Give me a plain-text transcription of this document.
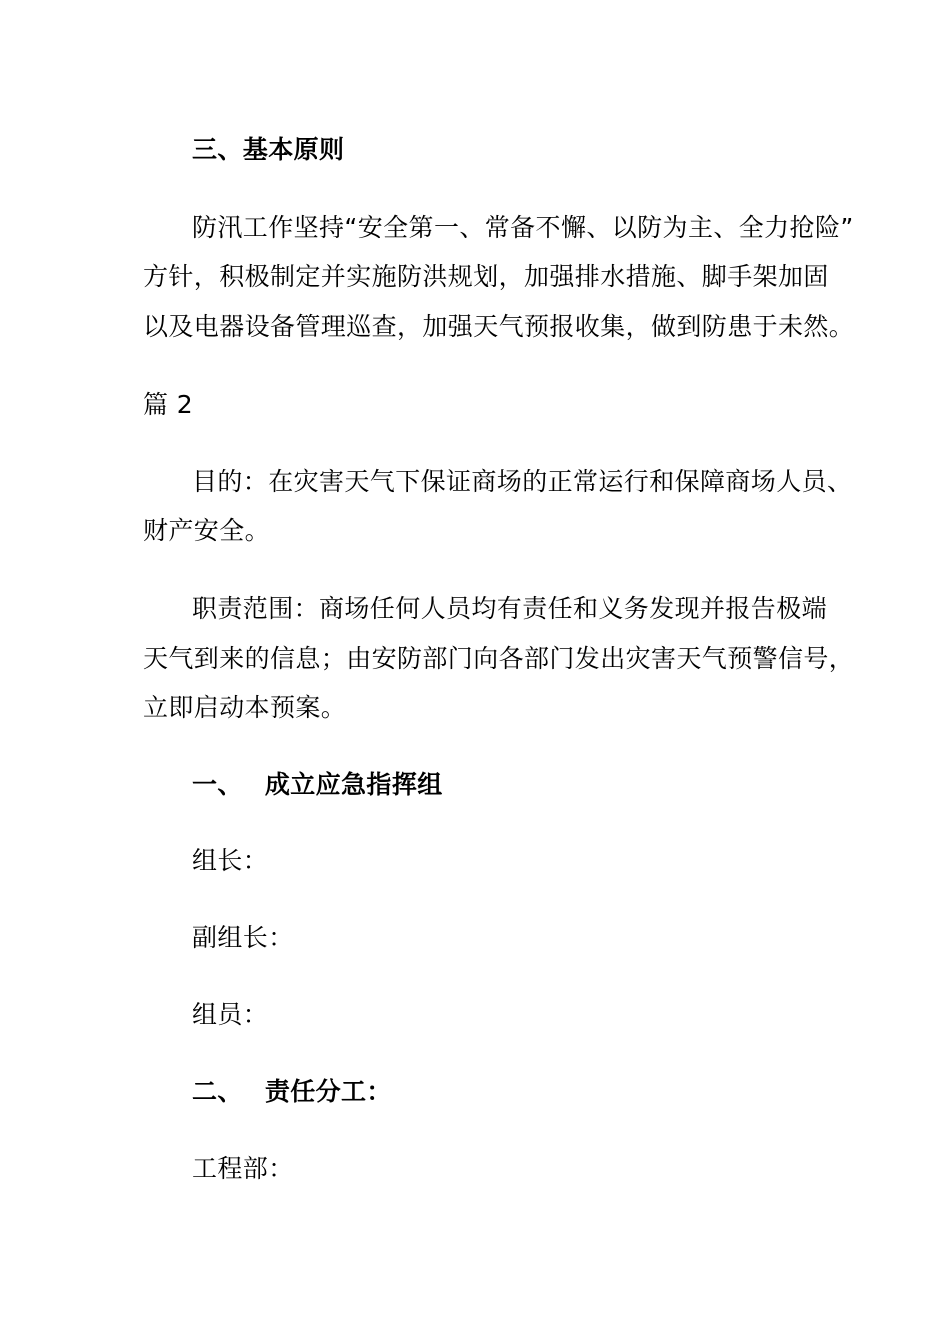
三、基本原则
防汛工作坚持“安全第一、常备不懈、以防为主、全力抢险”
方针，积极制定并实施防洪规划，加强排水措施、脚手架加固
以及电器设备管理巡查，加强天气预报收集，做到防患于未然。
篇 2
目的：在灾害天气下保证商场的正常运行和保障商场人员、
财产安全。
职责范围：商场任何人员均有责任和义务发现并报告极端
天气到来的信息；由安防部门向各部门发出灾害天气预警信号，
立即启动本预案。
一、 成立应急指挥组
组长：
副组长：
组员：
二、 责任分工：
工程部：
